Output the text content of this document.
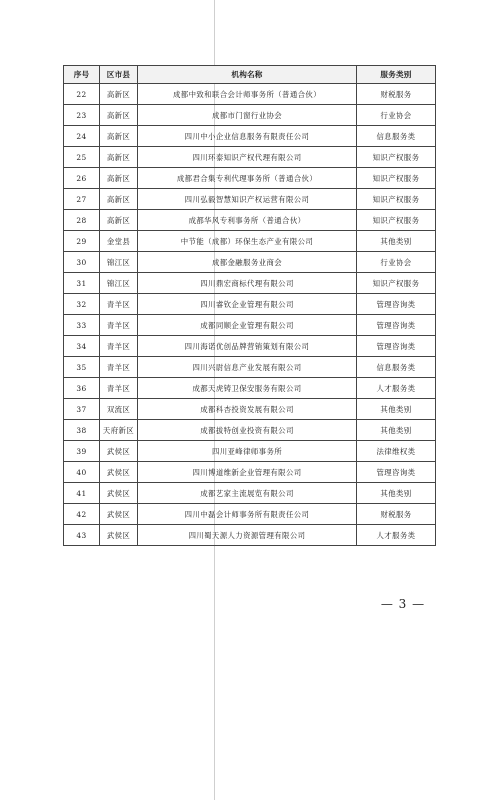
序号	区市县	机构名称	服务类别
22	高新区	成都中致和联合会计师事务所（普通合伙）	财税服务
23	高新区	成都市门窗行业协会	行业协会
24	高新区	四川中小企业信息服务有限责任公司	信息服务类
25	高新区	四川环泰知识产权代理有限公司	知识产权服务
26	高新区	成都君合集专利代理事务所（普通合伙）	知识产权服务
27	高新区	四川弘毅智慧知识产权运营有限公司	知识产权服务
28	高新区	成都华风专利事务所（普通合伙）	知识产权服务
29	金堂县	中节能（成都）环保生态产业有限公司	其他类别
30	锦江区	成都金融服务业商会	行业协会
31	锦江区	四川鼎宏商标代理有限公司	知识产权服务
32	青羊区	四川睿钦企业管理有限公司	管理咨询类
33	青羊区	成都同顺企业管理有限公司	管理咨询类
34	青羊区	四川海诺优创品牌营销策划有限公司	管理咨询类
35	青羊区	四川兴尉信息产业发展有限公司	信息服务类
36	青羊区	成都天虎铸卫保安服务有限公司	人才服务类
37	双流区	成都科杏投资发展有限公司	其他类别
38	天府新区	成都拔特创业投资有限公司	其他类别
39	武侯区	四川亚峰律师事务所	法律维权类
40	武侯区	四川博道维新企业管理有限公司	管理咨询类
41	武侯区	成都艺家主流展览有限公司	其他类别
42	武侯区	四川中磊会计师事务所有限责任公司	财税服务
43	武侯区	四川蜀天源人力资源管理有限公司	人才服务类
— 3 —
